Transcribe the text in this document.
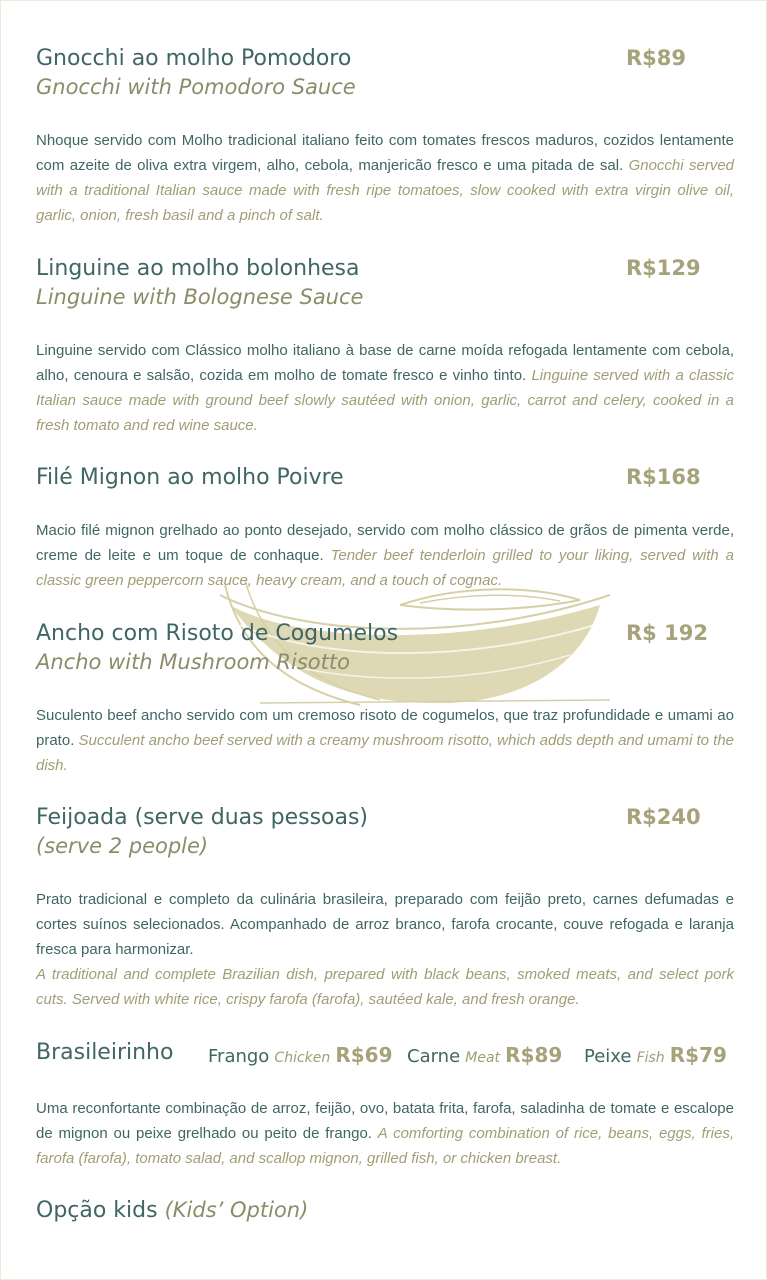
Gnocchi ao molho Pomodoro	R$89
Gnocchi with Pomodoro Sauce
Nhoque servido com Molho tradicional italiano feito com tomates frescos maduros, cozidos lentamente com azeite de oliva extra virgem, alho, cebola, manjericão fresco e uma pitada de sal. Gnocchi served with a traditional Italian sauce made with fresh ripe tomatoes, slow cooked with extra virgin olive oil, garlic, onion, fresh basil and a pinch of salt.
Linguine ao molho bolonhesa	R$129
Linguine with Bolognese Sauce
Linguine servido com Clássico molho italiano à base de carne moída refogada lentamente com cebola, alho, cenoura e salsão, cozida em molho de tomate fresco e vinho tinto. Linguine served with a classic Italian sauce made with ground beef slowly sautéed with onion, garlic, carrot and celery, cooked in a fresh tomato and red wine sauce.
Filé Mignon ao molho Poivre	R$168
Macio filé mignon grelhado ao ponto desejado, servido com molho clássico de grãos de pimenta verde, creme de leite e um toque de conhaque. Tender beef tenderloin grilled to your liking, served with a classic green peppercorn sauce, heavy cream, and a touch of cognac.
Ancho com Risoto de Cogumelos	R$ 192
Ancho with Mushroom Risotto
Suculento beef ancho servido com um cremoso risoto de cogumelos, que traz profundidade e umami ao prato. Succulent ancho beef served with a creamy mushroom risotto, which adds depth and umami to the dish.
Feijoada (serve duas pessoas)	R$240
(serve 2 people)
Prato tradicional e completo da culinária brasileira, preparado com feijão preto, carnes defumadas e cortes suínos selecionados. Acompanhado de arroz branco, farofa crocante, couve refogada e laranja fresca para harmonizar.
A traditional and complete Brazilian dish, prepared with black beans, smoked meats, and select pork cuts. Served with white rice, crispy farofa (farofa), sautéed kale, and fresh orange.
Brasileirinho Frango Chicken R$69 Carne Meat R$89 Peixe Fish R$79
Uma reconfortante combinação de arroz, feijão, ovo, batata frita, farofa, saladinha de tomate e escalope de mignon ou peixe grelhado ou peito de frango. A comforting combination of rice, beans, eggs, fries, farofa (farofa), tomato salad, and scallop mignon, grilled fish, or chicken breast.
Opção kids (Kids’ Option)
